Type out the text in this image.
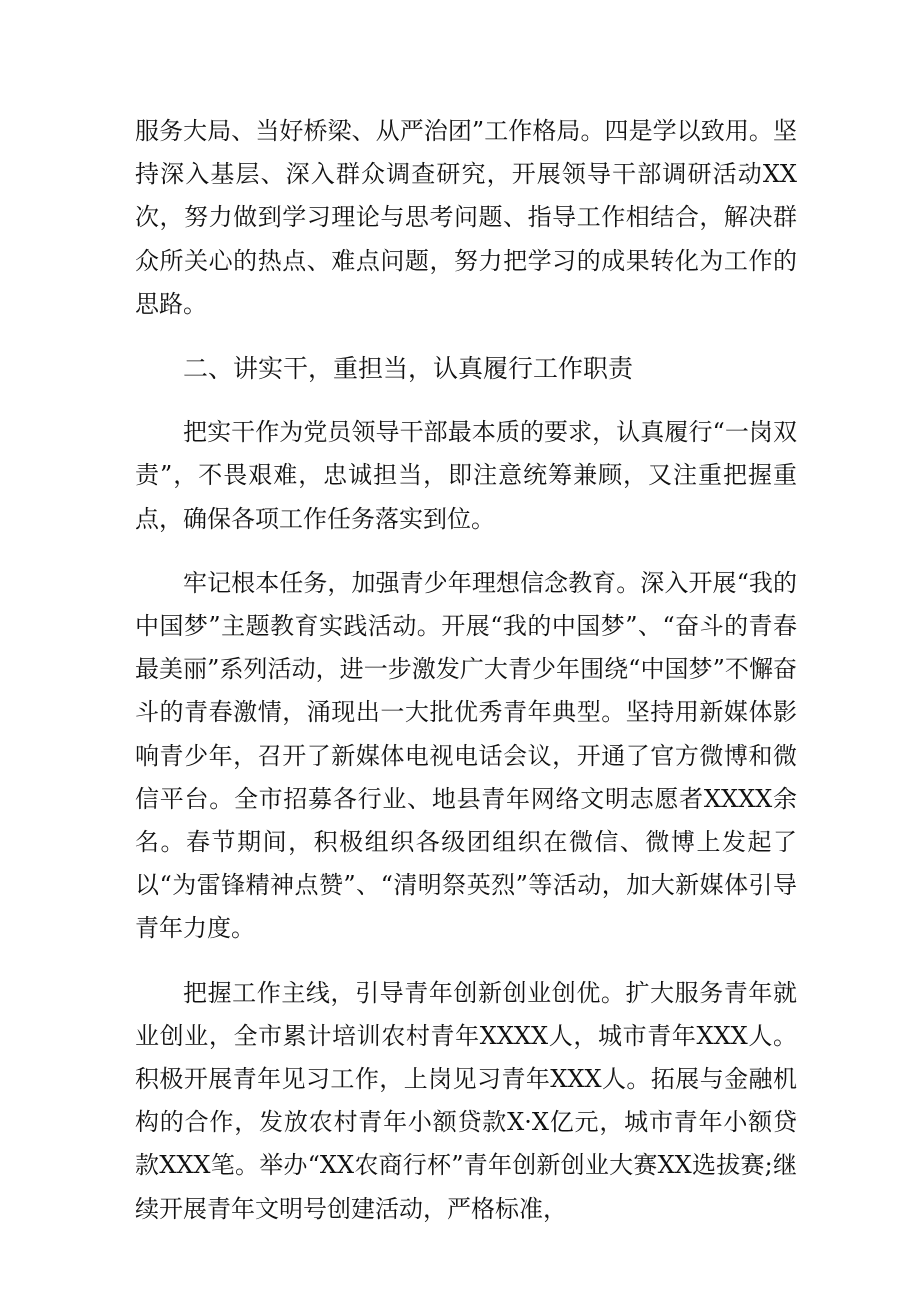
服务大局、当好桥梁、从严治团”工作格局。四是学以致用。坚持深入基层、深入群众调查研究，开展领导干部调研活动XX次，努力做到学习理论与思考问题、指导工作相结合，解决群众所关心的热点、难点问题，努力把学习的成果转化为工作的思路。

二、讲实干，重担当，认真履行工作职责

把实干作为党员领导干部最本质的要求，认真履行“一岗双责”，不畏艰难，忠诚担当，即注意统筹兼顾，又注重把握重点，确保各项工作任务落实到位。

牢记根本任务，加强青少年理想信念教育。深入开展“我的中国梦”主题教育实践活动。开展“我的中国梦”、“奋斗的青春最美丽”系列活动，进一步激发广大青少年围绕“中国梦”不懈奋斗的青春激情，涌现出一大批优秀青年典型。坚持用新媒体影响青少年，召开了新媒体电视电话会议，开通了官方微博和微信平台。全市招募各行业、地县青年网络文明志愿者XXXX余名。春节期间，积极组织各级团组织在微信、微博上发起了以“为雷锋精神点赞”、“清明祭英烈”等活动，加大新媒体引导青年力度。

把握工作主线，引导青年创新创业创优。扩大服务青年就业创业，全市累计培训农村青年XXXX人，城市青年XXX人。积极开展青年见习工作，上岗见习青年XXX人。拓展与金融机构的合作，发放农村青年小额贷款X·X亿元，城市青年小额贷款XXX笔。举办“XX农商行杯”青年创新创业大赛XX选拔赛;继续开展青年文明号创建活动，严格标准，
